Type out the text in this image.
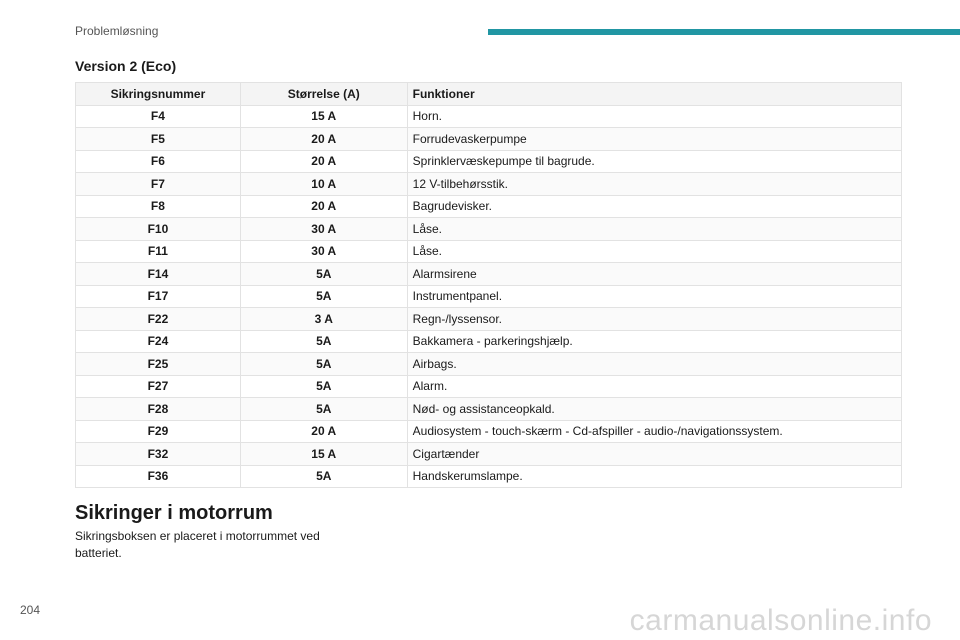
Problemløsning
Version 2 (Eco)
Sikringsnummer	Størrelse (A)	Funktioner
F4	15 A	Horn.
F5	20 A	Forrudevaskerpumpe
F6	20 A	Sprinklervæskepumpe til bagrude.
F7	10 A	12 V-tilbehørsstik.
F8	20 A	Bagrudevisker.
F10	30 A	Låse.
F11	30 A	Låse.
F14	5A	Alarmsirene
F17	5A	Instrumentpanel.
F22	3 A	Regn-/lyssensor.
F24	5A	Bakkamera - parkeringshjælp.
F25	5A	Airbags.
F27	5A	Alarm.
F28	5A	Nød- og assistanceopkald.
F29	20 A	Audiosystem - touch-skærm - Cd-afspiller - audio-/navigationssystem.
F32	15 A	Cigartænder
F36	5A	Handskerumslampe.
Sikringer i motorrum
Sikringsboksen er placeret i motorrummet ved batteriet.
204	carmanualsonline.info
